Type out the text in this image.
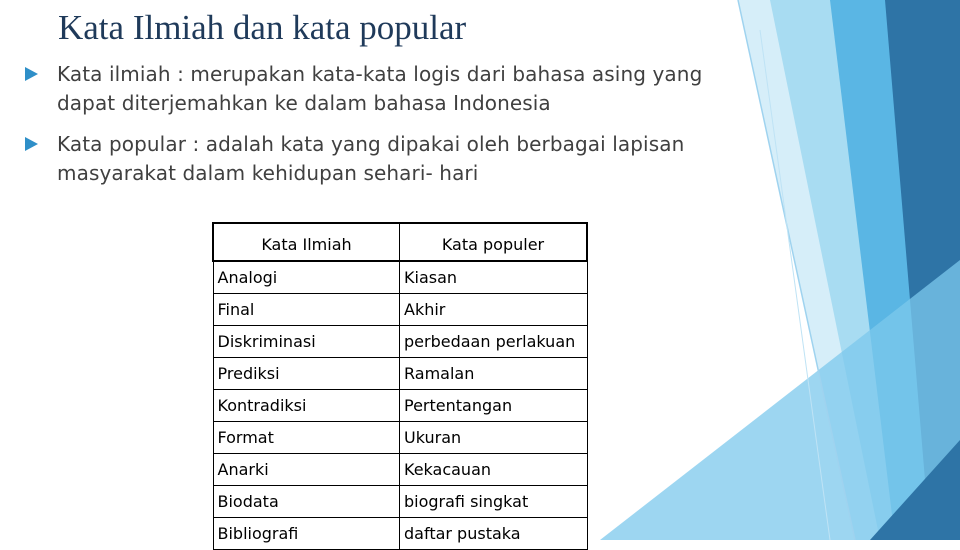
Kata Ilmiah dan kata popular
Kata ilmiah : merupakan kata-kata logis dari bahasa asing yang dapat diterjemahkan ke dalam bahasa Indonesia
Kata popular : adalah kata yang dipakai oleh berbagai lapisan masyarakat dalam kehidupan sehari- hari
Kata Ilmiah	Kata populer
Analogi	Kiasan
Final	Akhir
Diskriminasi	perbedaan perlakuan
Prediksi	Ramalan
Kontradiksi	Pertentangan
Format	Ukuran
Anarki	Kekacauan
Biodata	biografi singkat
Bibliografi	daftar pustaka
